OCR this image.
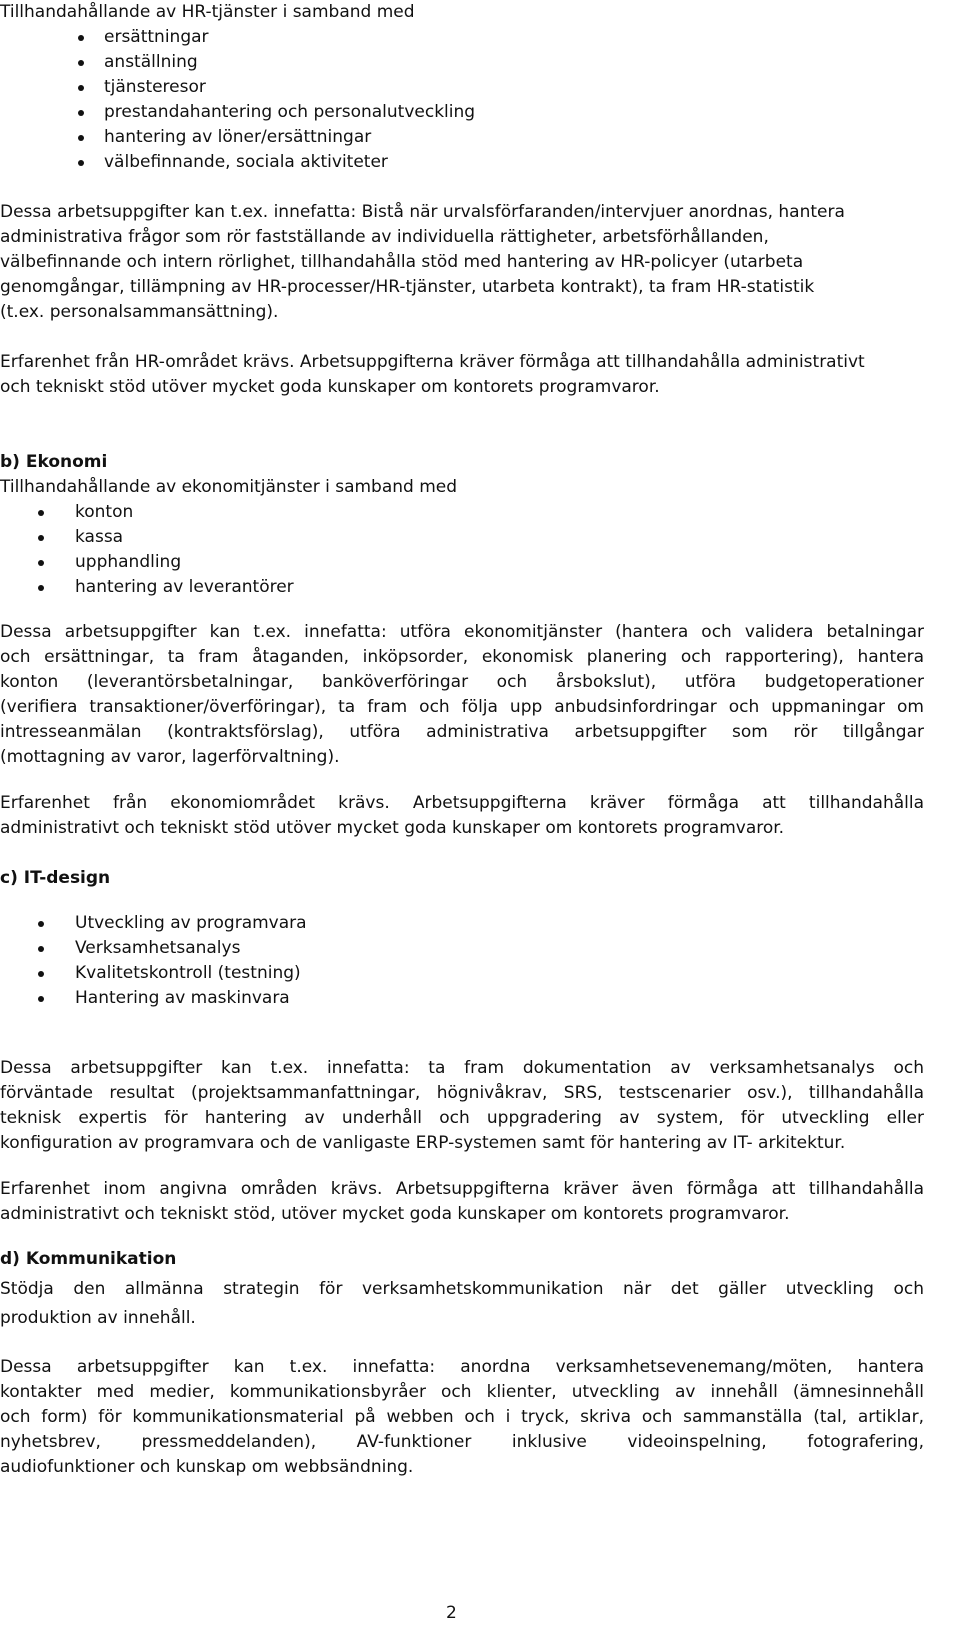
Tillhandahållande av HR-tjänster i samband med
ersättningar
anställning
tjänsteresor
prestandahantering och personalutveckling
hantering av löner/ersättningar
välbefinnande, sociala aktiviteter
Dessa arbetsuppgifter kan t.ex. innefatta: Bistå när urvalsförfaranden/intervjuer anordnas, hantera
administrativa frågor som rör fastställande av individuella rättigheter, arbetsförhållanden,
välbefinnande och intern rörlighet, tillhandahålla stöd med hantering av HR-policyer (utarbeta
genomgångar, tillämpning av HR-processer/HR-tjänster, utarbeta kontrakt), ta fram HR-statistik
(t.ex. personalsammansättning).
Erfarenhet från HR-området krävs. Arbetsuppgifterna kräver förmåga att tillhandahålla administrativt
och tekniskt stöd utöver mycket goda kunskaper om kontorets programvaror.
b) Ekonomi
Tillhandahållande av ekonomitjänster i samband med
konton
kassa
upphandling
hantering av leverantörer
Dessa arbetsuppgifter kan t.ex. innefatta: utföra ekonomitjänster (hantera och validera betalningar
och ersättningar, ta fram åtaganden, inköpsorder, ekonomisk planering och rapportering), hantera
konton (leverantörsbetalningar, banköverföringar och årsbokslut), utföra budgetoperationer
(verifiera transaktioner/överföringar), ta fram och följa upp anbudsinfordringar och uppmaningar om
intresseanmälan (kontraktsförslag), utföra administrativa arbetsuppgifter som rör tillgångar
(mottagning av varor, lagerförvaltning).
Erfarenhet från ekonomiområdet krävs. Arbetsuppgifterna kräver förmåga att tillhandahålla
administrativt och tekniskt stöd utöver mycket goda kunskaper om kontorets programvaror.
c) IT-design
Utveckling av programvara
Verksamhetsanalys
Kvalitetskontroll (testning)
Hantering av maskinvara
Dessa arbetsuppgifter kan t.ex. innefatta: ta fram dokumentation av verksamhetsanalys och
förväntade resultat (projektsammanfattningar, högnivåkrav, SRS, testscenarier osv.), tillhandahålla
teknisk expertis för hantering av underhåll och uppgradering av system, för utveckling eller
konfiguration av programvara och de vanligaste ERP-systemen samt för hantering av IT- arkitektur.
Erfarenhet inom angivna områden krävs. Arbetsuppgifterna kräver även förmåga att tillhandahålla
administrativt och tekniskt stöd, utöver mycket goda kunskaper om kontorets programvaror.
d) Kommunikation
Stödja den allmänna strategin för verksamhetskommunikation när det gäller utveckling och
produktion av innehåll.
Dessa arbetsuppgifter kan t.ex. innefatta: anordna verksamhetsevenemang/möten, hantera
kontakter med medier, kommunikationsbyråer och klienter, utveckling av innehåll (ämnesinnehåll
och form) för kommunikationsmaterial på webben och i tryck, skriva och sammanställa (tal, artiklar,
nyhetsbrev, pressmeddelanden), AV-funktioner inklusive videoinspelning, fotografering,
audiofunktioner och kunskap om webbsändning.
2
